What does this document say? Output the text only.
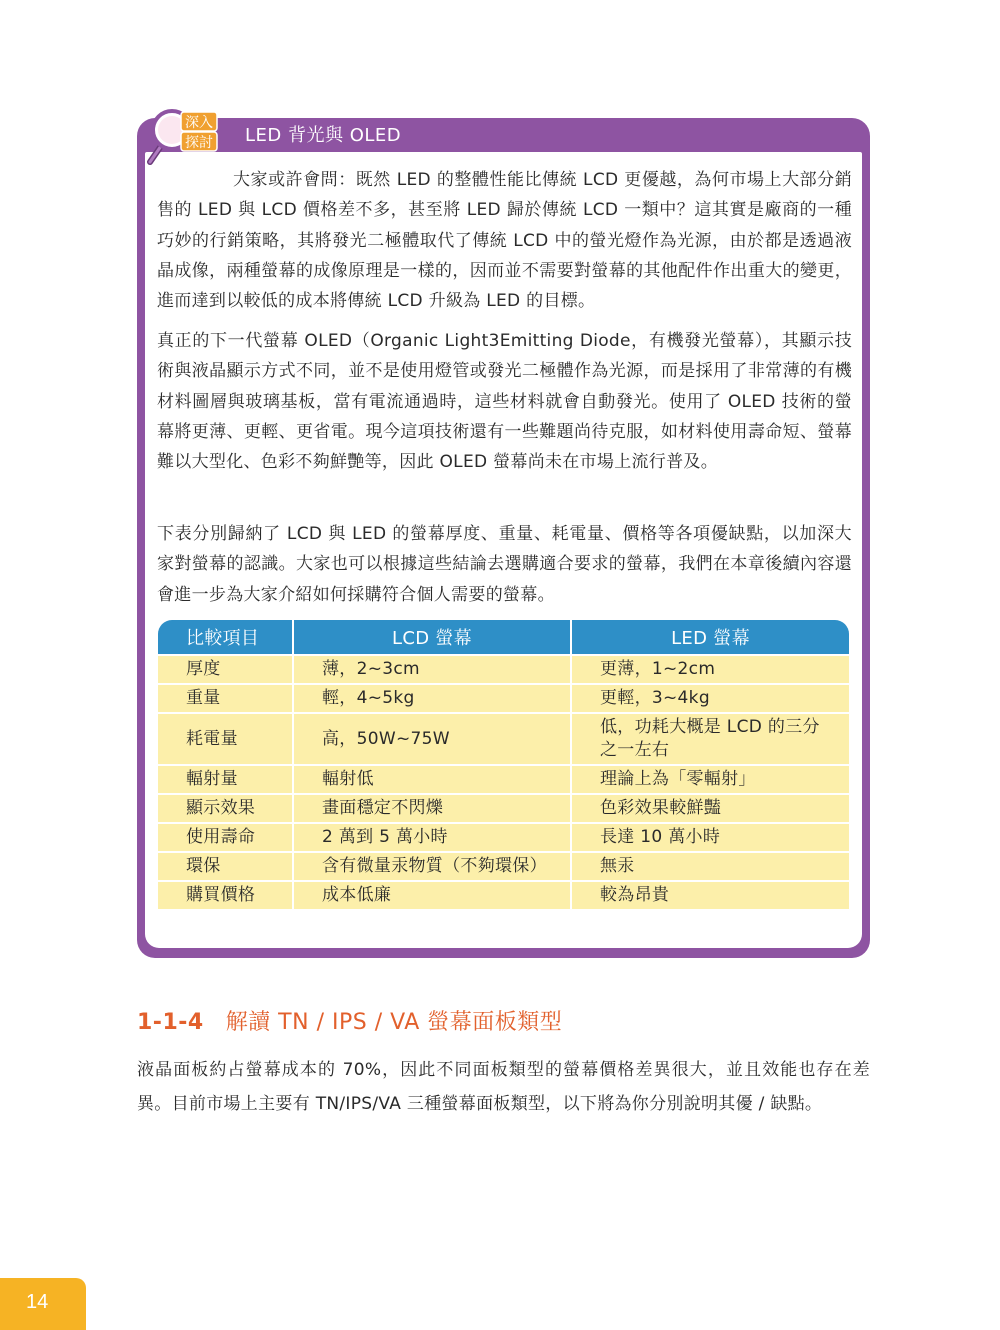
LED 背光與 OLED
深入
探討

大家或許會問：既然 LED 的整體性能比傳統 LCD 更優越，為何市場上大部分銷售的 LED 與 LCD 價格差不多，甚至將 LED 歸於傳統 LCD 一類中？這其實是廠商的一種巧妙的行銷策略，其將發光二極體取代了傳統 LCD 中的螢光燈作為光源，由於都是透過液晶成像，兩種螢幕的成像原理是一樣的，因而並不需要對螢幕的其他配件作出重大的變更，進而達到以較低的成本將傳統 LCD 升級為 LED 的目標。

真正的下一代螢幕 OLED（Organic Light3Emitting Diode，有機發光螢幕），其顯示技術與液晶顯示方式不同，並不是使用燈管或發光二極體作為光源，而是採用了非常薄的有機材料圖層與玻璃基板，當有電流通過時，這些材料就會自動發光。使用了 OLED 技術的螢幕將更薄、更輕、更省電。現今這項技術還有一些難題尚待克服，如材料使用壽命短、螢幕難以大型化、色彩不夠鮮艷等，因此 OLED 螢幕尚未在市場上流行普及。

下表分別歸納了 LCD 與 LED 的螢幕厚度、重量、耗電量、價格等各項優缺點，以加深大家對螢幕的認識。大家也可以根據這些結論去選購適合要求的螢幕，我們在本章後續內容還會進一步為大家介紹如何採購符合個人需要的螢幕。

比較項目	LCD 螢幕	LED 螢幕
厚度	薄，2~3cm	更薄，1~2cm
重量	輕，4~5kg	更輕，3~4kg
耗電量	高，50W~75W	低，功耗大概是 LCD 的三分之一左右
輻射量	輻射低	理論上為「零輻射」
顯示效果	畫面穩定不閃爍	色彩效果較鮮豔
使用壽命	2 萬到 5 萬小時	長達 10 萬小時
環保	含有微量汞物質（不夠環保）	無汞
購買價格	成本低廉	較為昂貴
1-1-4 解讀 TN / IPS / VA 螢幕面板類型

液晶面板約占螢幕成本的 70%，因此不同面板類型的螢幕價格差異很大，並且效能也存在差異。目前市場上主要有 TN/IPS/VA 三種螢幕面板類型，以下將為你分別說明其優 / 缺點。

14
